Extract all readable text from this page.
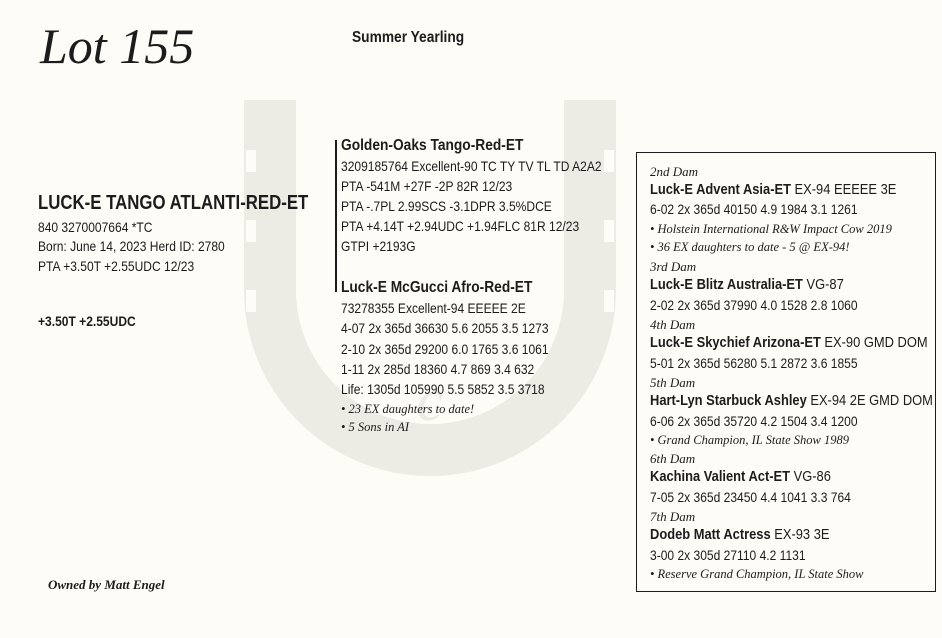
Lot 155	Summer Yearling
c
LUCK-E TANGO ATLANTI-RED-ET
840 3270007664 *TC
Born: June 14, 2023 Herd ID: 2780
PTA +3.50T +2.55UDC 12/23
+3.50T +2.55UDC
Golden-Oaks Tango-Red-ET
3209185764 Excellent-90 TC TY TV TL TD A2A2
PTA -541M +27F -2P 82R 12/23
PTA -.7PL 2.99SCS -3.1DPR 3.5%DCE
PTA +4.14T +2.94UDC +1.94FLC 81R 12/23
GTPI +2193G
Luck-E McGucci Afro-Red-ET
73278355 Excellent-94 EEEEE 2E
4-07 2x 365d 36630 5.6 2055 3.5 1273
2-10 2x 365d 29200 6.0 1765 3.6 1061
1-11 2x 285d 18360 4.7 869 3.4 632
Life: 1305d 105990 5.5 5852 3.5 3718
• 23 EX daughters to date!
• 5 Sons in AI
2nd Dam
Luck-E Advent Asia-ET EX-94 EEEEE 3E
6-02 2x 365d 40150 4.9 1984 3.1 1261
• Holstein International R&W Impact Cow 2019
• 36 EX daughters to date - 5 @ EX-94!
3rd Dam
Luck-E Blitz Australia-ET VG-87
2-02 2x 365d 37990 4.0 1528 2.8 1060
4th Dam
Luck-E Skychief Arizona-ET EX-90 GMD DOM
5-01 2x 365d 56280 5.1 2872 3.6 1855
5th Dam
Hart-Lyn Starbuck Ashley EX-94 2E GMD DOM
6-06 2x 365d 35720 4.2 1504 3.4 1200
• Grand Champion, IL State Show 1989
6th Dam
Kachina Valient Act-ET VG-86
7-05 2x 365d 23450 4.4 1041 3.3 764
7th Dam
Dodeb Matt Actress EX-93 3E
3-00 2x 305d 27110 4.2 1131
• Reserve Grand Champion, IL State Show
Owned by Matt Engel
